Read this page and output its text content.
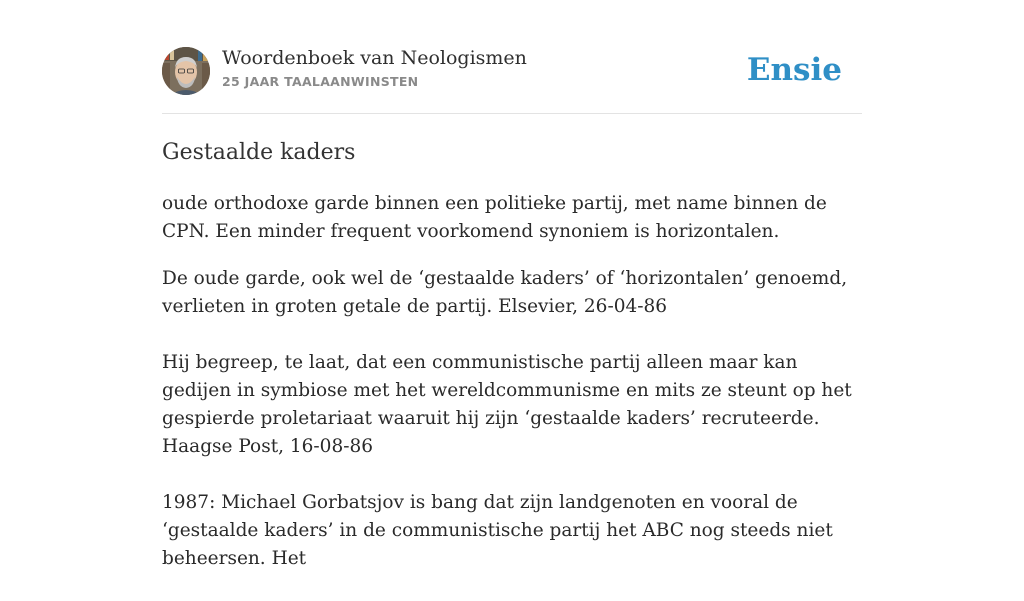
Woordenboek van Neologismen
25 JAAR TAALAANWINSTEN	Ensie
Gestaalde kaders
oude orthodoxe garde binnen een politieke partij, met name binnen de CPN. Een minder frequent voorkomend synoniem is horizontalen.

De oude garde, ook wel de ‘gestaalde kaders’ of ‘horizontalen’ genoemd, verlieten in groten getale de partij. Elsevier, 26-04-86

Hij begreep, te laat, dat een communistische partij alleen maar kan gedijen in symbiose met het wereldcommunisme en mits ze steunt op het gespierde proletariaat waaruit hij zijn ‘gestaalde kaders’ recruteerde. Haagse Post, 16-08-86

1987: Michael Gorbatsjov is bang dat zijn landgenoten en vooral de ‘gestaalde kaders’ in de communistische partij het ABC nog steeds niet beheersen. Het
